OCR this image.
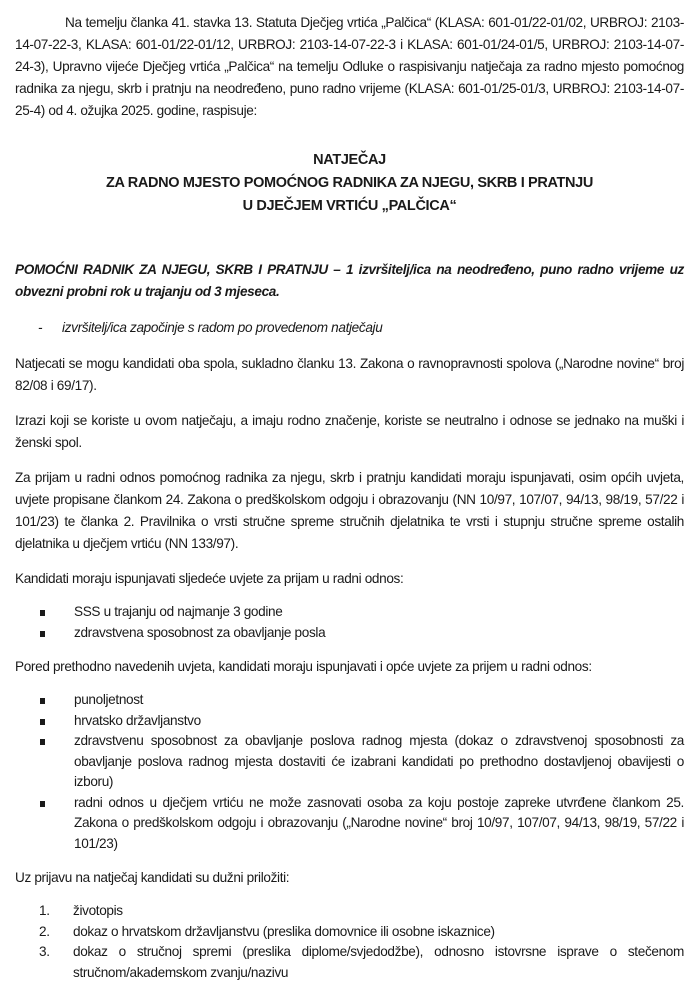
Na temelju članka 41. stavka 13. Statuta Dječjeg vrtića „Palčica“ (KLASA: 601-01/22-01/02, URBROJ: 2103-14-07-22-3, KLASA: 601-01/22-01/12, URBROJ: 2103-14-07-22-3 i KLASA: 601-01/24-01/5, URBROJ: 2103-14-07-24-3), Upravno vijeće Dječjeg vrtića „Palčica“ na temelju Odluke o raspisivanju natječaja za radno mjesto pomoćnog radnika za njegu, skrb i pratnju na neodređeno, puno radno vrijeme (KLASA: 601-01/25-01/3, URBROJ: 2103-14-07-25-4) od 4. ožujka 2025. godine, raspisuje:

NATJEČAJ
ZA RADNO MJESTO POMOĆNOG RADNIKA ZA NJEGU, SKRB I PRATNJU
U DJEČJEM VRTIĆU „PALČICA“

POMOĆNI RADNIK ZA NJEGU, SKRB I PRATNJU – 1 izvršitelj/ica na neodređeno, puno radno vrijeme uz obvezni probni rok u trajanju od 3 mjeseca.

-	izvršitelj/ica započinje s radom po provedenom natječaju

Natjecati se mogu kandidati oba spola, sukladno članku 13. Zakona o ravnopravnosti spolova („Narodne novine“ broj 82/08 i 69/17).

Izrazi koji se koriste u ovom natječaju, a imaju rodno značenje, koriste se neutralno i odnose se jednako na muški i ženski spol.

Za prijam u radni odnos pomoćnog radnika za njegu, skrb i pratnju kandidati moraju ispunjavati, osim općih uvjeta, uvjete propisane člankom 24. Zakona o predškolskom odgoju i obrazovanju (NN 10/97, 107/07, 94/13, 98/19, 57/22 i 101/23) te članka 2. Pravilnika o vrsti stručne spreme stručnih djelatnika te vrsti i stupnju stručne spreme ostalih djelatnika u dječjem vrtiću (NN 133/97).

Kandidati moraju ispunjavati sljedeće uvjete za prijam u radni odnos:

SSS u trajanju od najmanje 3 godine
zdravstvena sposobnost za obavljanje posla

Pored prethodno navedenih uvjeta, kandidati moraju ispunjavati i opće uvjete za prijem u radni odnos:

punoljetnost
hrvatsko državljanstvo
zdravstvenu sposobnost za obavljanje poslova radnog mjesta (dokaz o zdravstvenoj sposobnosti za obavljanje poslova radnog mjesta dostaviti će izabrani kandidati po prethodno dostavljenoj obavijesti o izboru)
radni odnos u dječjem vrtiću ne može zasnovati osoba za koju postoje zapreke utvrđene člankom 25. Zakona o predškolskom odgoju i obrazovanju („Narodne novine“ broj 10/97, 107/07, 94/13, 98/19, 57/22 i 101/23)

Uz prijavu na natječaj kandidati su dužni priložiti:

1.	životopis
2.	dokaz o hrvatskom državljanstvu (preslika domovnice ili osobne iskaznice)
3.	dokaz o stručnoj spremi (preslika diplome/svjedodžbe), odnosno istovrsne isprave o stečenom stručnom/akademskom zvanju/nazivu
